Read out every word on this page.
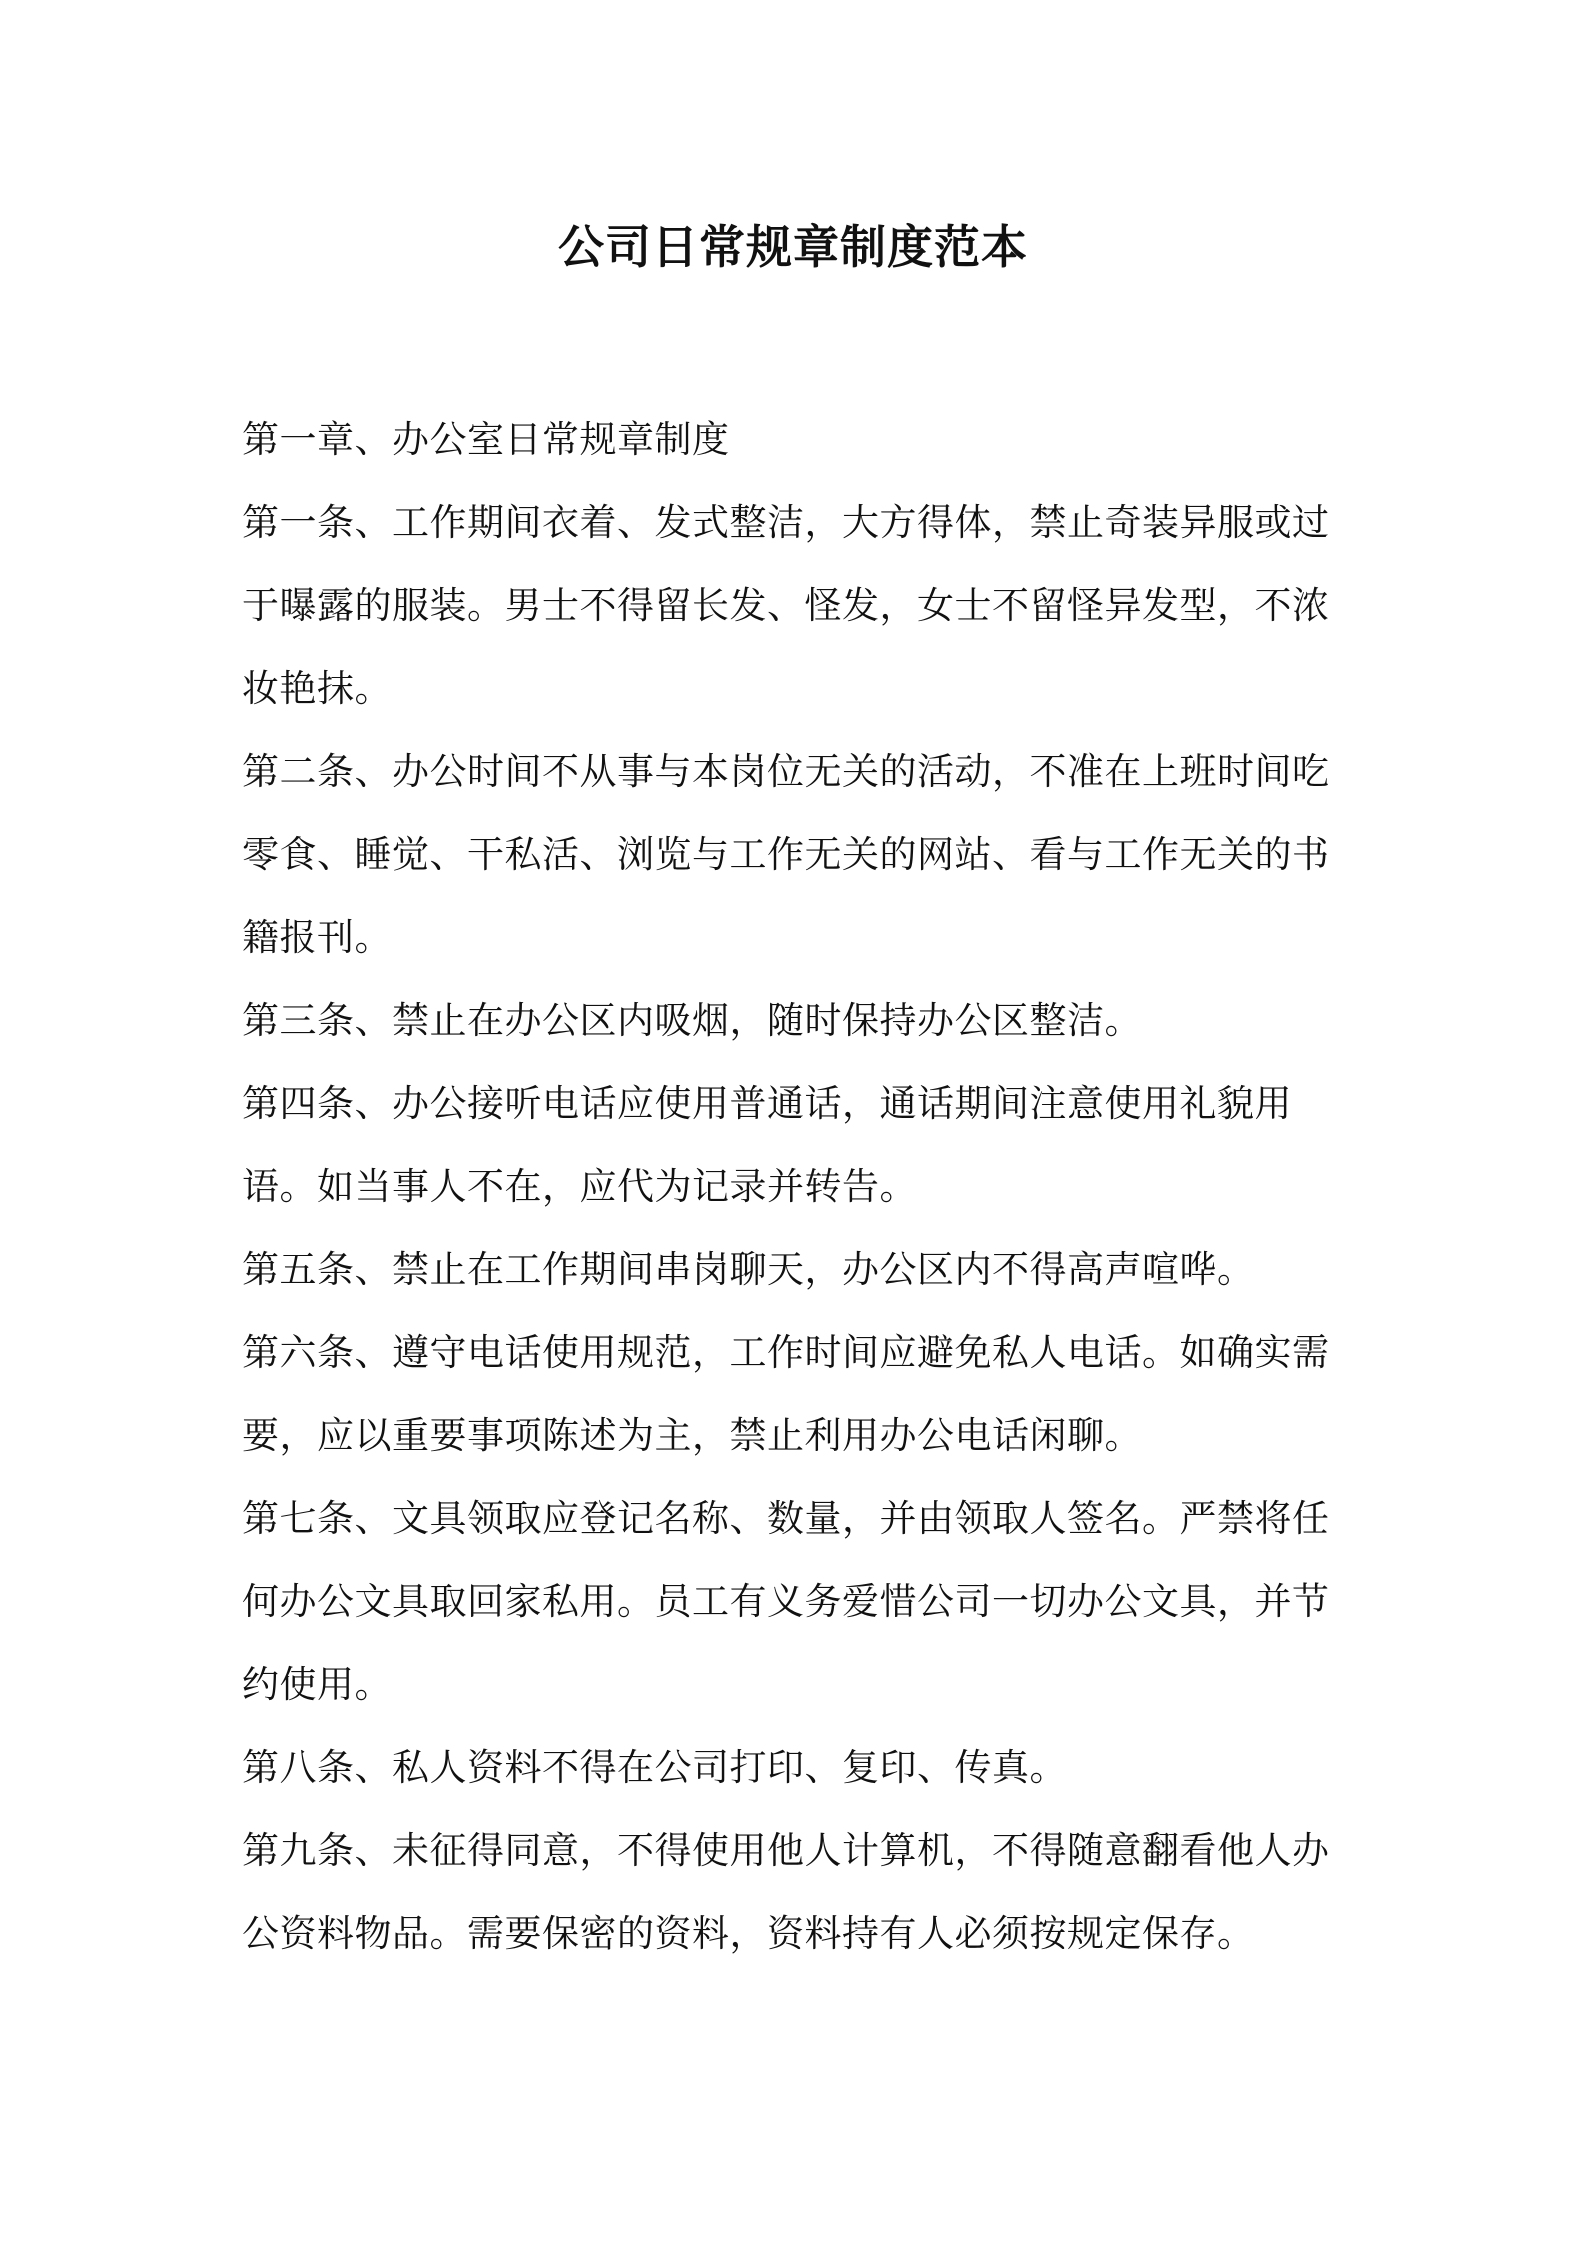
公司日常规章制度范本

第一章、办公室日常规章制度

第一条、工作期间衣着、发式整洁，大方得体，禁止奇装异服或过于曝露的服装。男士不得留长发、怪发，女士不留怪异发型，不浓妆艳抹。

第二条、办公时间不从事与本岗位无关的活动，不准在上班时间吃零食、睡觉、干私活、浏览与工作无关的网站、看与工作无关的书籍报刊。

第三条、禁止在办公区内吸烟，随时保持办公区整洁。

第四条、办公接听电话应使用普通话，通话期间注意使用礼貌用语。如当事人不在，应代为记录并转告。

第五条、禁止在工作期间串岗聊天，办公区内不得高声喧哗。

第六条、遵守电话使用规范，工作时间应避免私人电话。如确实需要，应以重要事项陈述为主，禁止利用办公电话闲聊。

第七条、文具领取应登记名称、数量，并由领取人签名。严禁将任何办公文具取回家私用。员工有义务爱惜公司一切办公文具，并节约使用。

第八条、私人资料不得在公司打印、复印、传真。

第九条、未征得同意，不得使用他人计算机，不得随意翻看他人办公资料物品。需要保密的资料，资料持有人必须按规定保存。
